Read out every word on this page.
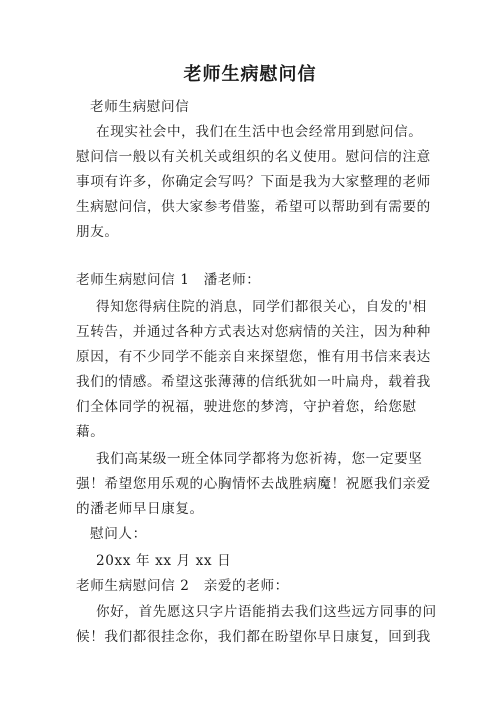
老师生病慰问信
老师生病慰问信
在现实社会中，我们在生活中也会经常用到慰问信。
慰问信一般以有关机关或组织的名义使用。慰问信的注意
事项有许多，你确定会写吗？下面是我为大家整理的老师
生病慰问信，供大家参考借鉴，希望可以帮助到有需要的
朋友。
老师生病慰问信 1　潘老师：
得知您得病住院的消息，同学们都很关心，自发的'相
互转告，并通过各种方式表达对您病情的关注，因为种种
原因，有不少同学不能亲自来探望您，惟有用书信来表达
我们的情感。希望这张薄薄的信纸犹如一叶扁舟，载着我
们全体同学的祝福，驶进您的梦湾，守护着您，给您慰
藉。
我们高某级一班全体同学都将为您祈祷，您一定要坚
强！希望您用乐观的心胸情怀去战胜病魔！祝愿我们亲爱
的潘老师早日康复。
慰问人：
20xx 年 xx 月 xx 日
老师生病慰问信 2　亲爱的老师：
你好，首先愿这只字片语能捎去我们这些远方同事的问
候！我们都很挂念你，我们都在盼望你早日康复，回到我
